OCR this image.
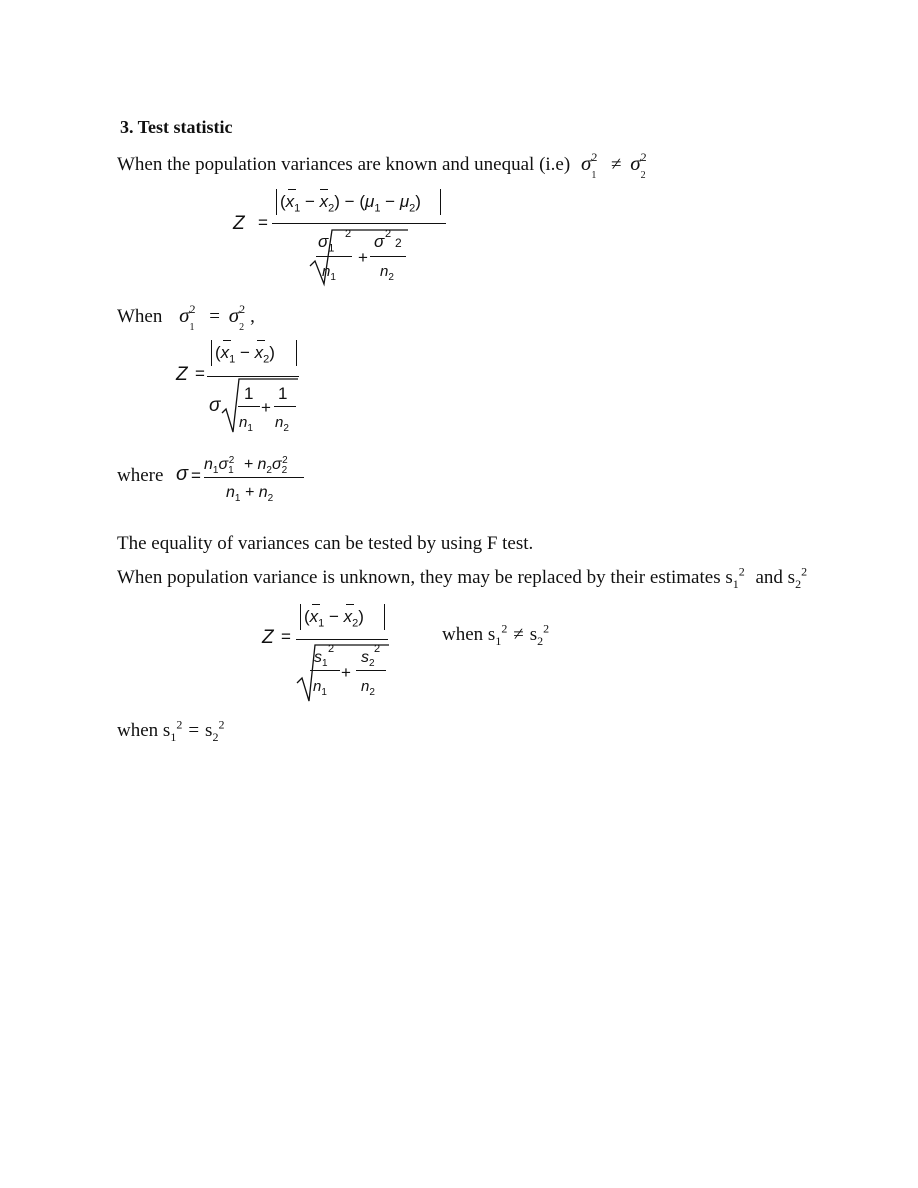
3. Test statistic
When the population variances are known and unequal (i.e) $\sigma_1^2 \ne \sigma_2^2$
Z =
$(x_1 - x_2) - (\mu_1 - \mu_2)$
$\sigma_1$
2 σ 2
2
+
$n_1$	$n_2$
When $\sigma_1^2 = \sigma_2^2$ ,
Z =
$(x_1 - x_2)$
σ
1 1
+
$n_1$ $n_2$
where σ =
$n_1\sigma_1^2 + n_2\sigma_2^2$
$n_1 + n_2$
The equality of variances can be tested by using F test.
When population variance is unknown, they may be replaced by their estimates $s_1^2$ and $s_2^2$
Z =
$(x_1 - x_2)$
$s_1$
2 $s_2$
2
+
$n_1$ $n_2$
when $s_1^2 \ne s_2^2$
when $s_1^2 = s_2^2$
